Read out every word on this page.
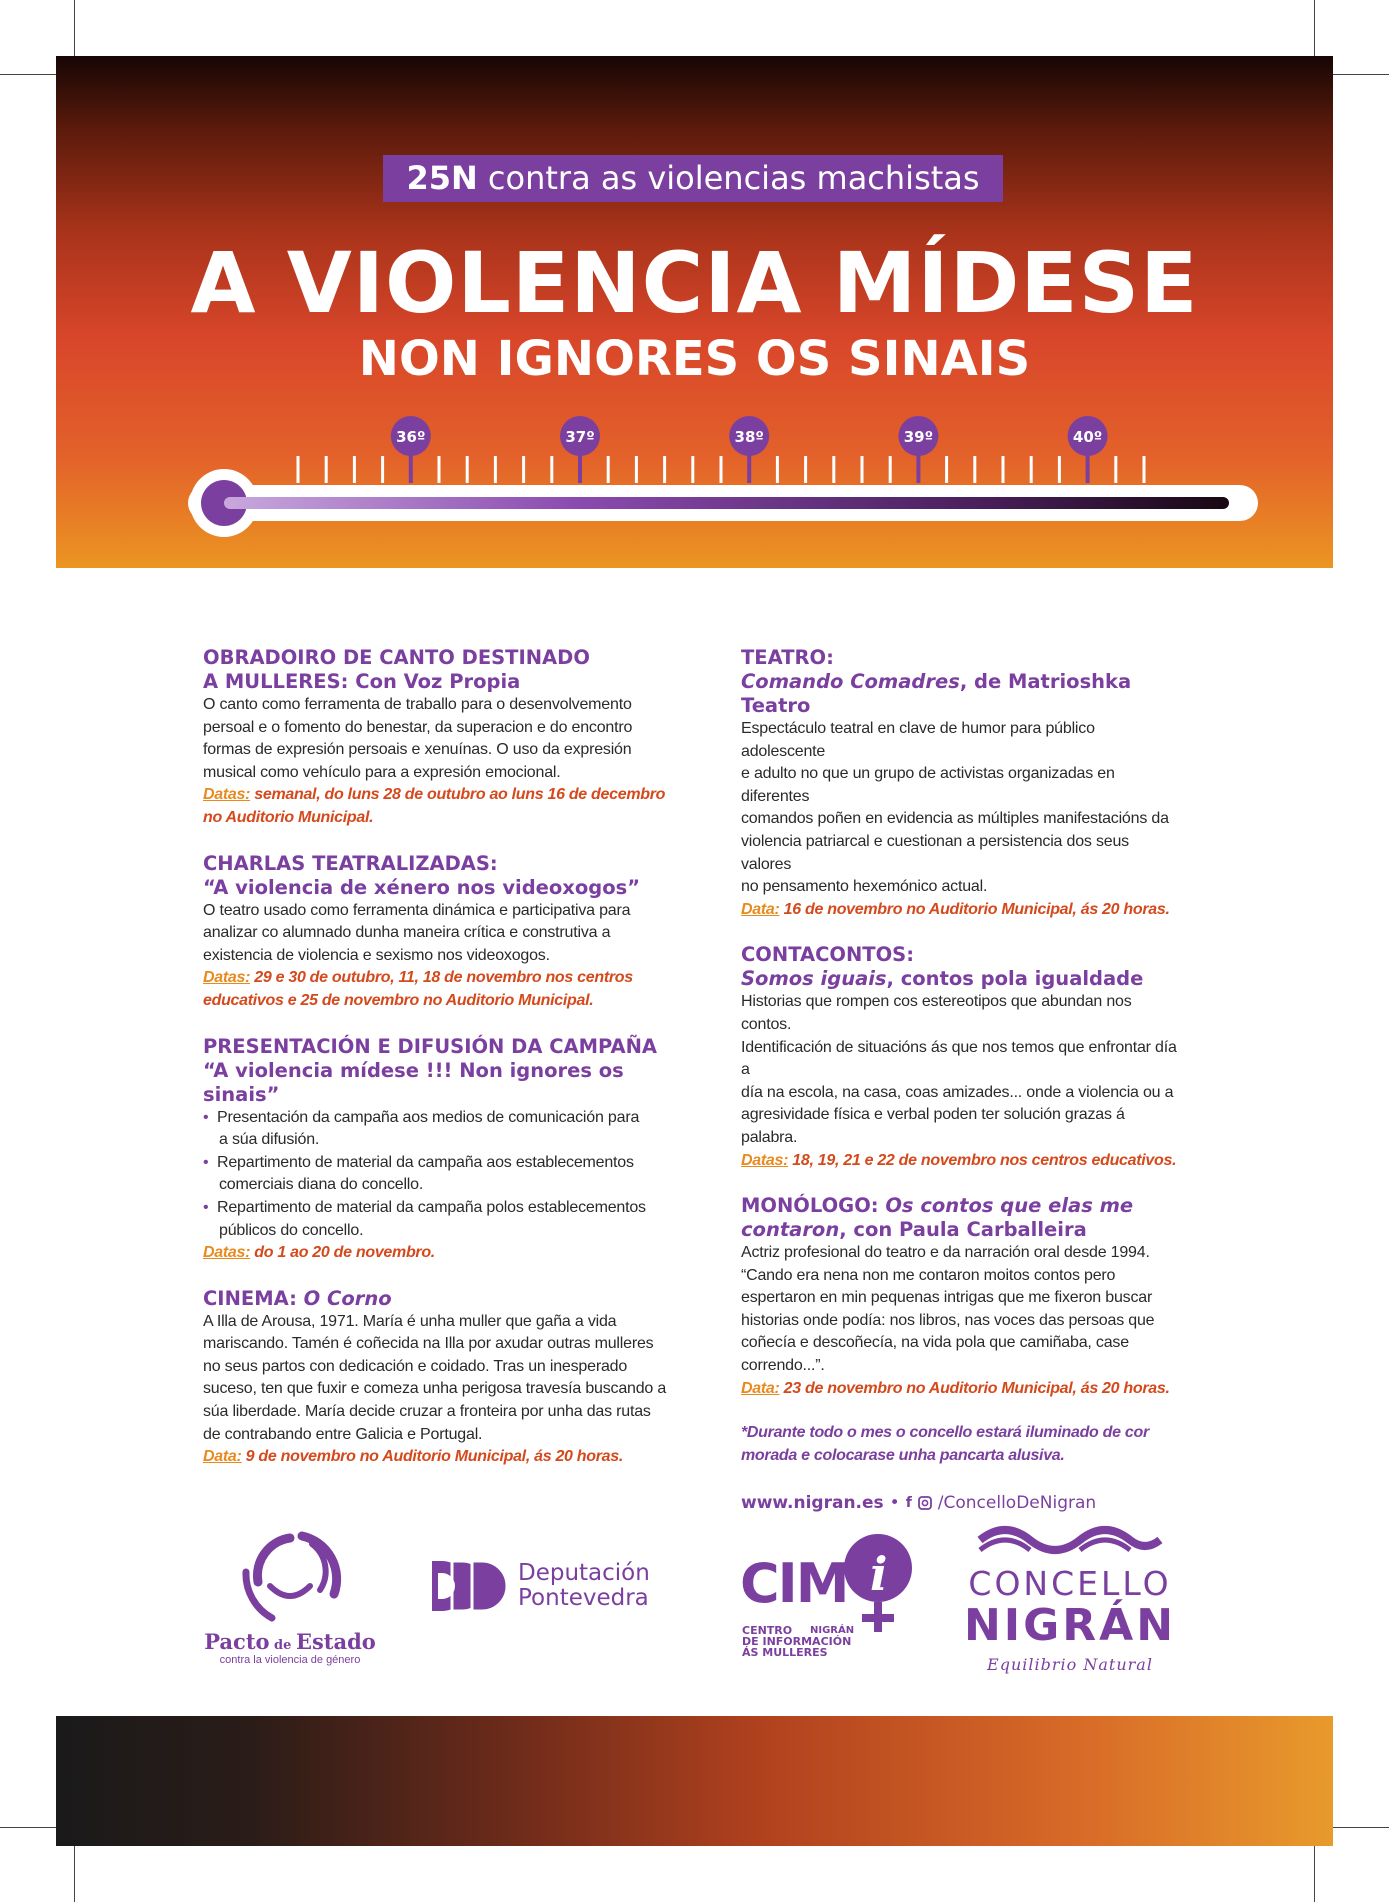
25N contra as violencias machistas
A VIOLENCIA MÍDESE
NON IGNORES OS SINAIS
36º	37º	38º	39º	40º
OBRADOIRO DE CANTO DESTINADO
A MULLERES: Con Voz Propia
O canto como ferramenta de traballo para o desenvolvemento
persoal e o fomento do benestar, da superacion e do encontro
formas de expresión persoais e xenuínas. O uso da expresión
musical como vehículo para a expresión emocional.
Datas: semanal, do luns 28 de outubro ao luns 16 de decembro
no Auditorio Municipal.
CHARLAS TEATRALIZADAS:
“A violencia de xénero nos videoxogos”
O teatro usado como ferramenta dinámica e participativa para
analizar co alumnado dunha maneira crítica e construtiva a
existencia de violencia e sexismo nos videoxogos.
Datas: 29 e 30 de outubro, 11, 18 de novembro nos centros
educativos e 25 de novembro no Auditorio Municipal.
PRESENTACIÓN E DIFUSIÓN DA CAMPAÑA
“A violencia mídese !!! Non ignores os sinais”
• Presentación da campaña aos medios de comunicación para
a súa difusión.
• Repartimento de material da campaña aos establecementos
comerciais diana do concello.
• Repartimento de material da campaña polos establecementos
públicos do concello.
Datas: do 1 ao 20 de novembro.
CINEMA: O Corno
A Illa de Arousa, 1971. María é unha muller que gaña a vida
mariscando. Tamén é coñecida na Illa por axudar outras mulleres
no seus partos con dedicación e coidado. Tras un inesperado
suceso, ten que fuxir e comeza unha perigosa travesía buscando a
súa liberdade. María decide cruzar a fronteira por unha das rutas
de contrabando entre Galicia e Portugal.
Data: 9 de novembro no Auditorio Municipal, ás 20 horas.
TEATRO:
Comando Comadres, de Matrioshka Teatro
Espectáculo teatral en clave de humor para público adolescente
e adulto no que un grupo de activistas organizadas en diferentes
comandos poñen en evidencia as múltiples manifestacións da
violencia patriarcal e cuestionan a persistencia dos seus valores
no pensamento hexemónico actual.
Data: 16 de novembro no Auditorio Municipal, ás 20 horas.
CONTACONTOS:
Somos iguais, contos pola igualdade
Historias que rompen cos estereotipos que abundan nos contos.
Identificación de situacións ás que nos temos que enfrontar día a
día na escola, na casa, coas amizades... onde a violencia ou a
agresividade física e verbal poden ter solución grazas á palabra.
Datas: 18, 19, 21 e 22 de novembro nos centros educativos.
MONÓLOGO: Os contos que elas me
contaron, con Paula Carballeira
Actriz profesional do teatro e da narración oral desde 1994.
“Cando era nena non me contaron moitos contos pero
espertaron en min pequenas intrigas que me fixeron buscar
historias onde podía: nos libros, nas voces das persoas que
coñecía e descoñecía, na vida pola que camiñaba, case
correndo...”.
Data: 23 de novembro no Auditorio Municipal, ás 20 horas.
*Durante todo o mes o concello estará iluminado de cor
morada e colocarase unha pancarta alusiva.
www.nigran.es • f /ConcelloDeNigran
Pacto de Estado
contra la violencia de género
Deputación
Pontevedra	i
CIM
CENTRO
DE INFORMACIÓN
ÁS MULLERES
NIGRÁN
CONCELLO
NIGRÁN
Equilibrio Natural
